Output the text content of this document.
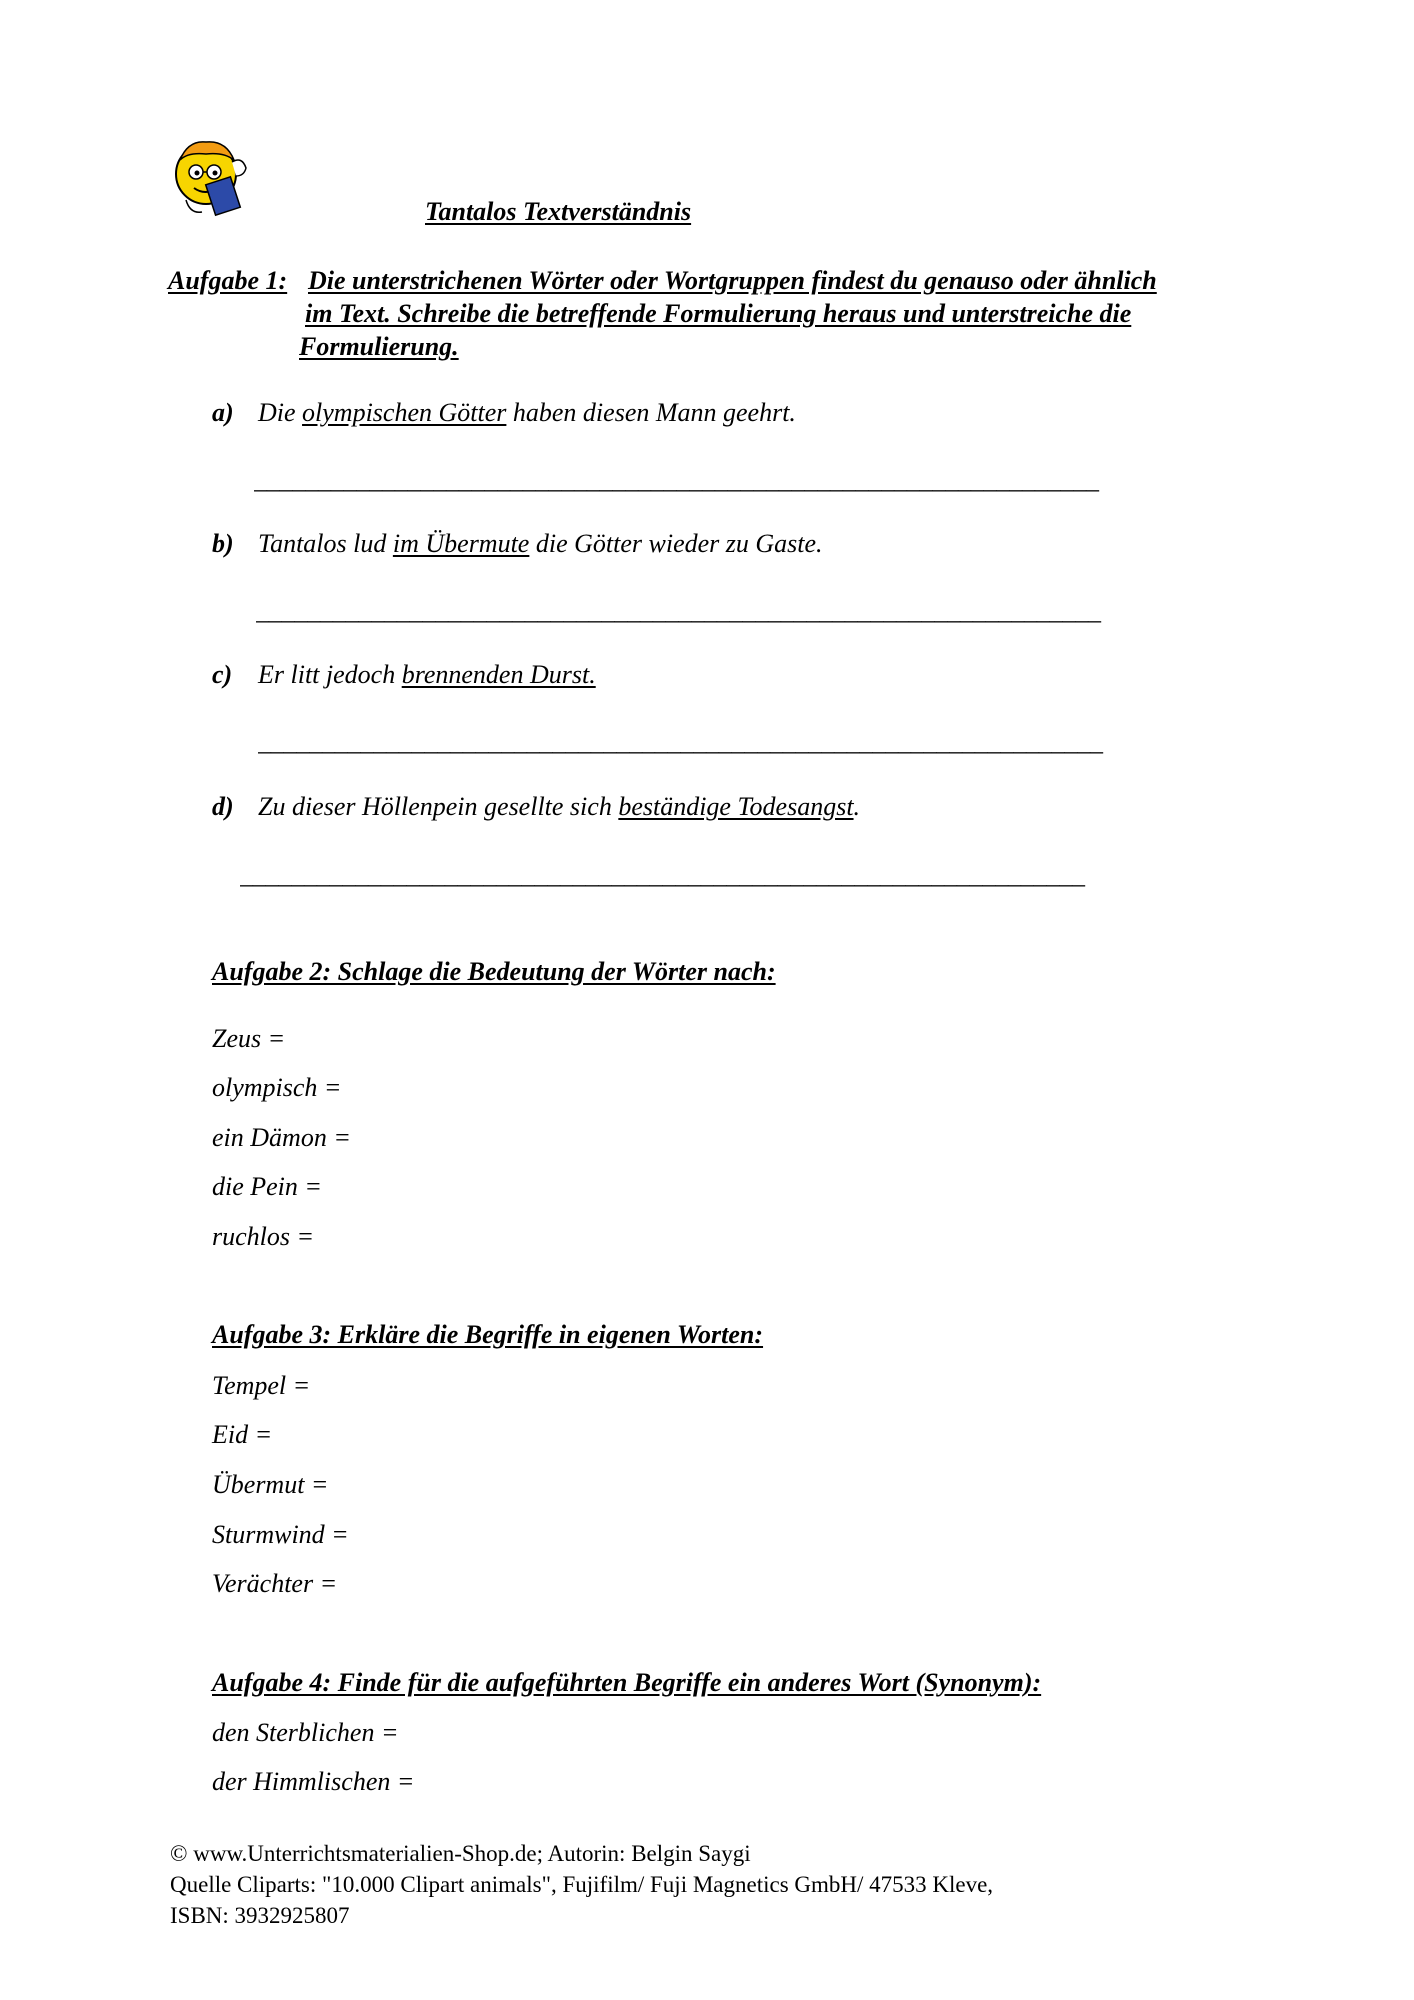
Tantalos Textverständnis
Aufgabe 1: Die unterstrichenen Wörter oder Wortgruppen findest du genauso oder ähnlich
im Text. Schreibe die betreffende Formulierung heraus und unterstreiche die
Formulierung.
a) Die olympischen Götter haben diesen Mann geehrt.
__________________________________________________________________
b) Tantalos lud im Übermute die Götter wieder zu Gaste.
__________________________________________________________________
c) Er litt jedoch brennenden Durst.
__________________________________________________________________
d) Zu dieser Höllenpein gesellte sich beständige Todesangst.
__________________________________________________________________
Aufgabe 2: Schlage die Bedeutung der Wörter nach:
Zeus =
olympisch =
ein Dämon =
die Pein =
ruchlos =
Aufgabe 3: Erkläre die Begriffe in eigenen Worten:
Tempel =
Eid =
Übermut =
Sturmwind =
Verächter =
Aufgabe 4: Finde für die aufgeführten Begriffe ein anderes Wort (Synonym):
den Sterblichen =
der Himmlischen =
© www.Unterrichtsmaterialien-Shop.de; Autorin: Belgin Saygi
Quelle Cliparts: "10.000 Clipart animals", Fujifilm/ Fuji Magnetics GmbH/ 47533 Kleve,
ISBN: 3932925807
